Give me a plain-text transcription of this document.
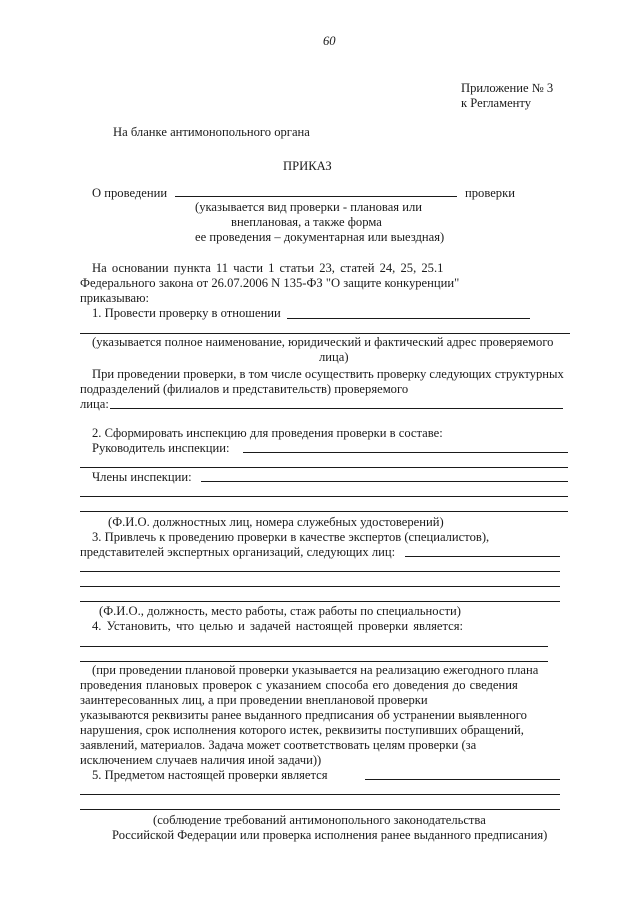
60
Приложение № 3
к Регламенту
На бланке антимонопольного органа
ПРИКАЗ
О проведении	проверки
(указывается вид проверки - плановая или
внеплановая, а также форма
ее проведения – документарная или выездная)
На основании пункта 11 части 1 статьи 23, статей 24, 25, 25.1
Федерального закона от 26.07.2006 N 135-ФЗ "О защите конкуренции"
приказываю:
1. Провести проверку в отношении
(указывается полное наименование, юридический и фактический адрес проверяемого
лица)
При проведении проверки, в том числе осуществить проверку следующих структурных
подразделений (филиалов и представительств) проверяемого
лица:
2. Сформировать инспекцию для проведения проверки в составе:
Руководитель инспекции:
Члены инспекции:
(Ф.И.О. должностных лиц, номера служебных удостоверений)
3. Привлечь к проведению проверки в качестве экспертов (специалистов),
представителей экспертных организаций, следующих лиц:
(Ф.И.О., должность, место работы, стаж работы по специальности)
4. Установить, что целью и задачей настоящей проверки является:
(при проведении плановой проверки указывается на реализацию ежегодного плана
проведения плановых проверок с указанием способа его доведения до сведения
заинтересованных лиц, а при проведении внеплановой проверки
указываются реквизиты ранее выданного предписания об устранении выявленного
нарушения, срок исполнения которого истек, реквизиты поступивших обращений,
заявлений, материалов. Задача может соответствовать целям проверки (за
исключением случаев наличия иной задачи))
5. Предметом настоящей проверки является
(соблюдение требований антимонопольного законодательства
Российской Федерации или проверка исполнения ранее выданного предписания)
